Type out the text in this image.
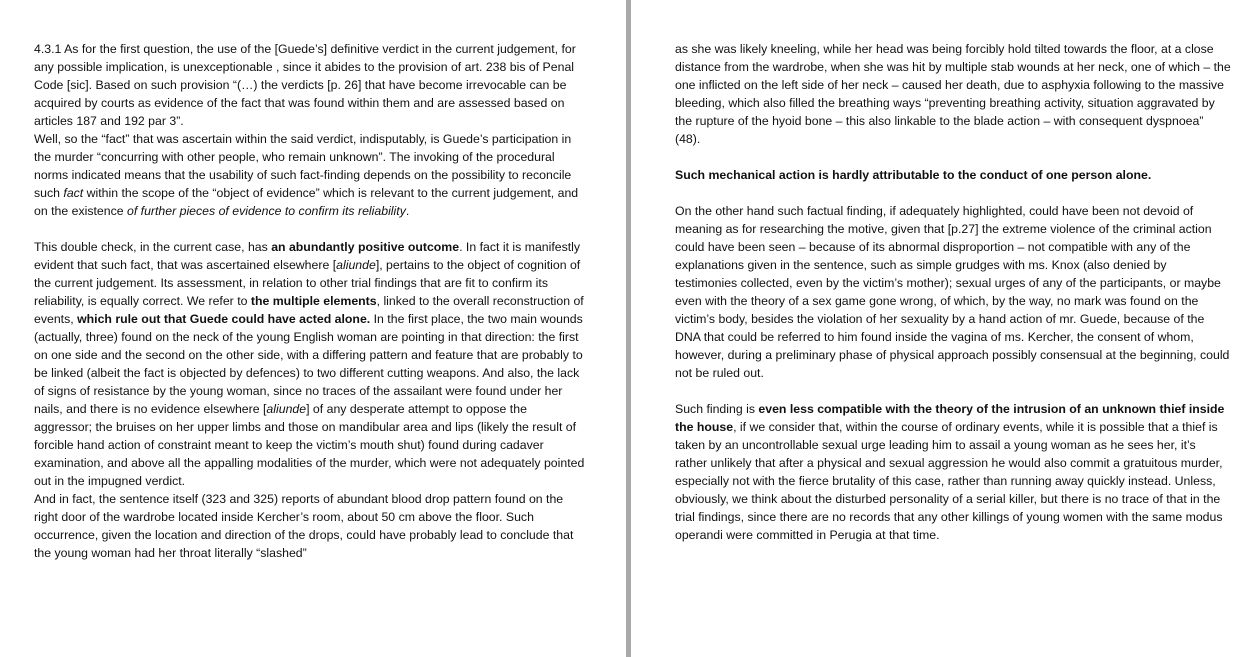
4.3.1 As for the first question, the use of the [Guede’s] definitive verdict in the current judgement, for any possible implication, is unexceptionable , since it abides to the provision of art. 238 bis of Penal Code [sic]. Based on such provision “(…) the verdicts [p. 26] that have become irrevocable can be acquired by courts as evidence of the fact that was found within them and are assessed based on articles 187 and 192 par 3”.

Well, so the “fact” that was ascertain within the said verdict, indisputably, is Guede’s participation in the murder “concurring with other people, who remain unknown”. The invoking of the procedural norms indicated means that the usability of such fact-finding depends on the possibility to reconcile such fact within the scope of the “object of evidence” which is relevant to the current judgement, and on the existence of further pieces of evidence to confirm its reliability.

This double check, in the current case, has an abundantly positive outcome. In fact it is manifestly evident that such fact, that was ascertained elsewhere [aliunde], pertains to the object of cognition of the current judgement. Its assessment, in relation to other trial findings that are fit to confirm its reliability, is equally correct. We refer to the multiple elements, linked to the overall reconstruction of events, which rule out that Guede could have acted alone. In the first place, the two main wounds (actually, three) found on the neck of the young English woman are pointing in that direction: the first on one side and the second on the other side, with a differing pattern and feature that are probably to be linked (albeit the fact is objected by defences) to two different cutting weapons. And also, the lack of signs of resistance by the young woman, since no traces of the assailant were found under her nails, and there is no evidence elsewhere [aliunde] of any desperate attempt to oppose the aggressor; the bruises on her upper limbs and those on mandibular area and lips (likely the result of forcible hand action of constraint meant to keep the victim’s mouth shut) found during cadaver examination, and above all the appalling modalities of the murder, which were not adequately pointed out in the impugned verdict.

And in fact, the sentence itself (323 and 325) reports of abundant blood drop pattern found on the right door of the wardrobe located inside Kercher’s room, about 50 cm above the floor. Such occurrence, given the location and direction of the drops, could have probably lead to conclude that the young woman had her throat literally “slashed”

as she was likely kneeling, while her head was being forcibly hold tilted towards the floor, at a close distance from the wardrobe, when she was hit by multiple stab wounds at her neck, one of which – the one inflicted on the left side of her neck – caused her death, due to asphyxia following to the massive bleeding, which also filled the breathing ways “preventing breathing activity, situation aggravated by the rupture of the hyoid bone – this also linkable to the blade action – with consequent dyspnoea” (48).

Such mechanical action is hardly attributable to the conduct of one person alone.

On the other hand such factual finding, if adequately highlighted, could have been not devoid of meaning as for researching the motive, given that [p.27] the extreme violence of the criminal action could have been seen – because of its abnormal disproportion – not compatible with any of the explanations given in the sentence, such as simple grudges with ms. Knox (also denied by testimonies collected, even by the victim’s mother); sexual urges of any of the participants, or maybe even with the theory of a sex game gone wrong, of which, by the way, no mark was found on the victim’s body, besides the violation of her sexuality by a hand action of mr. Guede, because of the DNA that could be referred to him found inside the vagina of ms. Kercher, the consent of whom, however, during a preliminary phase of physical approach possibly consensual at the beginning, could not be ruled out.

Such finding is even less compatible with the theory of the intrusion of an unknown thief inside the house, if we consider that, within the course of ordinary events, while it is possible that a thief is taken by an uncontrollable sexual urge leading him to assail a young woman as he sees her, it’s rather unlikely that after a physical and sexual aggression he would also commit a gratuitous murder, especially not with the fierce brutality of this case, rather than running away quickly instead. Unless, obviously, we think about the disturbed personality of a serial killer, but there is no trace of that in the trial findings, since there are no records that any other killings of young women with the same modus operandi were committed in Perugia at that time.
